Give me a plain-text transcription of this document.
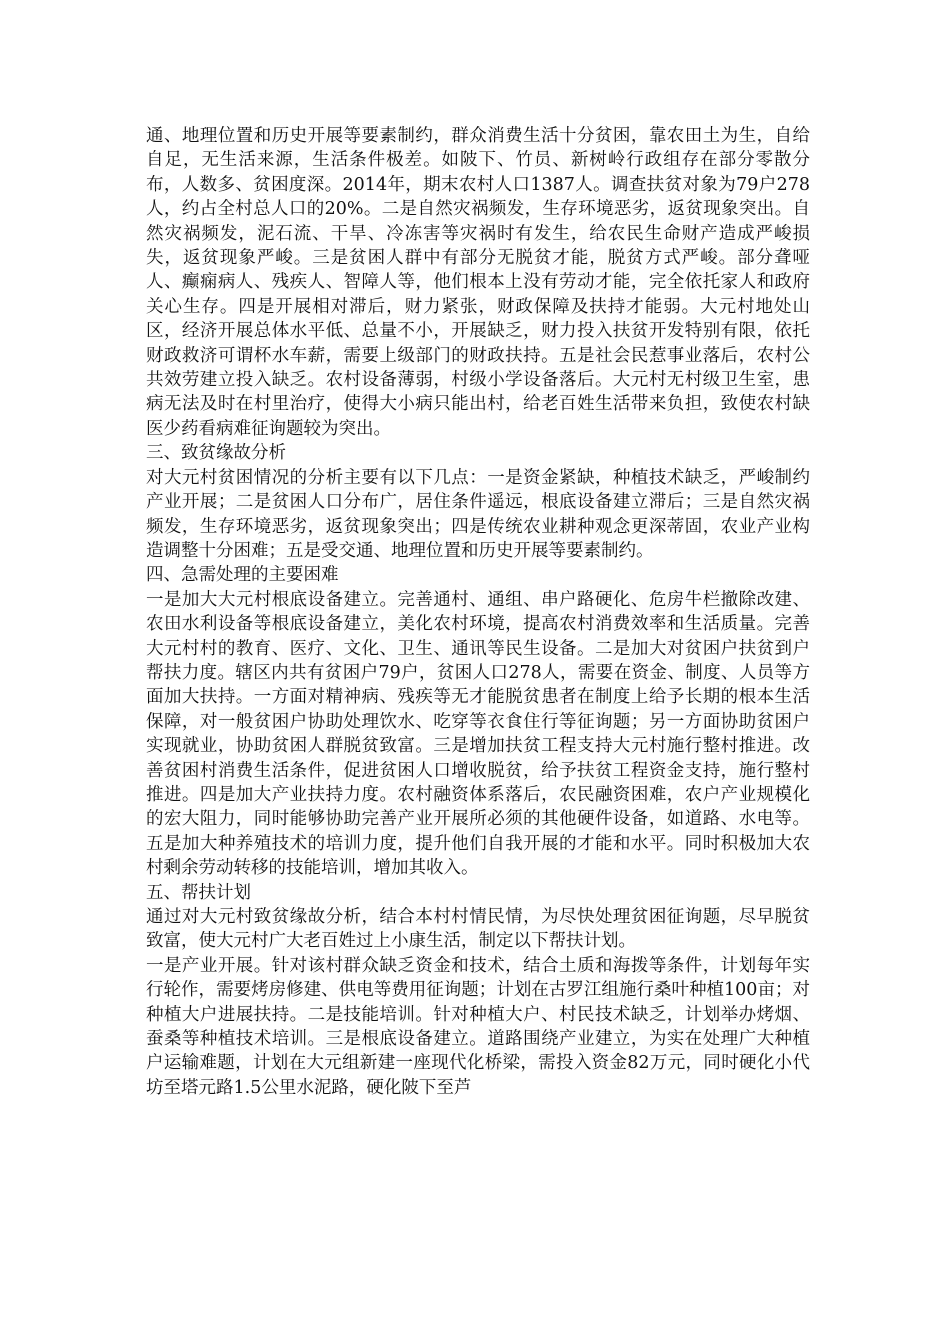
通、地理位置和历史开展等要素制约，群众消费生活十分贫困，靠农田土为生，自给自足，无生活来源，生活条件极差。如陂下、竹员、新树岭行政组存在部分零散分布，人数多、贫困度深。2014年，期末农村人口1387人。调查扶贫对象为79户278人，约占全村总人口的20%。二是自然灾祸频发，生存环境恶劣，返贫现象突出。自然灾祸频发，泥石流、干旱、冷冻害等灾祸时有发生，给农民生命财产造成严峻损失，返贫现象严峻。三是贫困人群中有部分无脱贫才能，脱贫方式严峻。部分聋哑人、癫痫病人、残疾人、智障人等，他们根本上没有劳动才能，完全依托家人和政府关心生存。四是开展相对滞后，财力紧张，财政保障及扶持才能弱。大元村地处山区，经济开展总体水平低、总量不小，开展缺乏，财力投入扶贫开发特别有限，依托财政救济可谓杯水车薪，需要上级部门的财政扶持。五是社会民惹事业落后，农村公共效劳建立投入缺乏。农村设备薄弱，村级小学设备落后。大元村无村级卫生室，患病无法及时在村里治疗，使得大小病只能出村，给老百姓生活带来负担，致使农村缺医少药看病难征询题较为突出。

三、致贫缘故分析

对大元村贫困情况的分析主要有以下几点：一是资金紧缺，种植技术缺乏，严峻制约产业开展；二是贫困人口分布广，居住条件遥远，根底设备建立滞后；三是自然灾祸频发，生存环境恶劣，返贫现象突出；四是传统农业耕种观念更深蒂固，农业产业构造调整十分困难；五是受交通、地理位置和历史开展等要素制约。

四、急需处理的主要困难

一是加大大元村根底设备建立。完善通村、通组、串户路硬化、危房牛栏撤除改建、农田水利设备等根底设备建立，美化农村环境，提高农村消费效率和生活质量。完善大元村村的教育、医疗、文化、卫生、通讯等民生设备。二是加大对贫困户扶贫到户帮扶力度。辖区内共有贫困户79户，贫困人口278人，需要在资金、制度、人员等方面加大扶持。一方面对精神病、残疾等无才能脱贫患者在制度上给予长期的根本生活保障，对一般贫困户协助处理饮水、吃穿等衣食住行等征询题；另一方面协助贫困户实现就业，协助贫困人群脱贫致富。三是增加扶贫工程支持大元村施行整村推进。改善贫困村消费生活条件，促进贫困人口增收脱贫，给予扶贫工程资金支持，施行整村推进。四是加大产业扶持力度。农村融资体系落后，农民融资困难，农户产业规模化的宏大阻力，同时能够协助完善产业开展所必须的其他硬件设备，如道路、水电等。五是加大种养殖技术的培训力度，提升他们自我开展的才能和水平。同时积极加大农村剩余劳动转移的技能培训，增加其收入。

五、帮扶计划

通过对大元村致贫缘故分析，结合本村村情民情，为尽快处理贫困征询题，尽早脱贫致富，使大元村广大老百姓过上小康生活，制定以下帮扶计划。

一是产业开展。针对该村群众缺乏资金和技术，结合土质和海拨等条件，计划每年实行轮作，需要烤房修建、供电等费用征询题；计划在古罗江组施行桑叶种植100亩；对种植大户进展扶持。二是技能培训。针对种植大户、村民技术缺乏，计划举办烤烟、蚕桑等种植技术培训。三是根底设备建立。道路围绕产业建立，为实在处理广大种植户运输难题，计划在大元组新建一座现代化桥梁，需投入资金82万元，同时硬化小代坊至塔元路1.5公里水泥路，硬化陂下至芦
